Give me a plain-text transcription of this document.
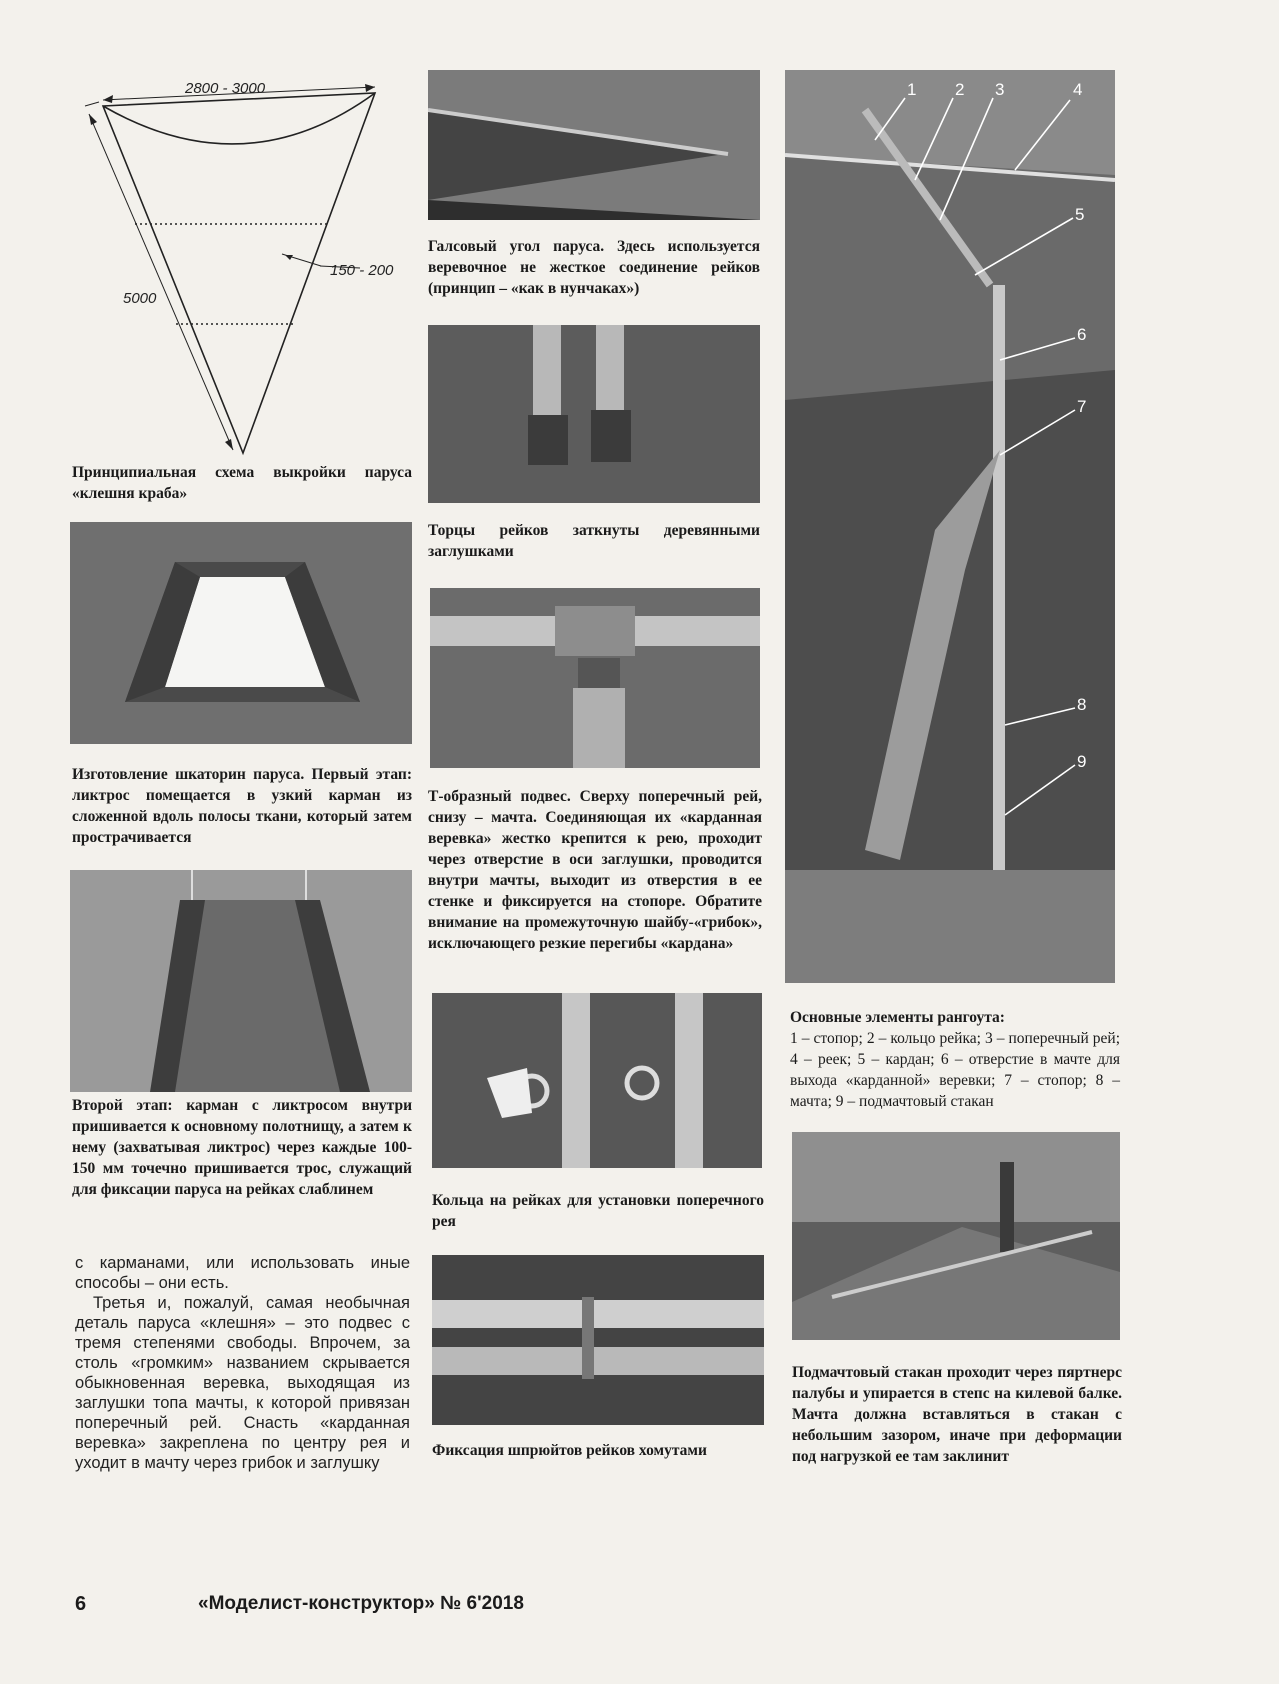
2800 - 3000
5000
150 - 200
Принципиальная схема выкройки паруса «клешня краба»
Изготовление шкаторин паруса. Первый этап: ликтрос помещается в узкий карман из сложенной вдоль полосы ткани, который затем прострачивается
Второй этап: карман с ликтросом внутри пришивается к основному полотнищу, а затем к нему (захватывая ликтрос) через каждые 100-150 мм точечно пришивается трос, служащий для фиксации паруса на рейках слаблинем

с карманами, или использовать иные способы – они есть.

Третья и, пожалуй, самая необычная деталь паруса «клешня» – это подвес с тремя степенями свободы. Впрочем, за столь «громким» названием скрывается обыкновенная веревка, выходящая из заглушки топа мачты, к которой привязан поперечный рей. Снасть «карданная веревка» закреплена по центру рея и уходит в мачту через грибок и заглушку

Галсовый угол паруса. Здесь используется веревочное не жесткое соединение рейков (принцип – «как в нунчаках»)
Торцы рейков заткнуты деревянными заглушками
Т-образный подвес. Сверху поперечный рей, снизу – мачта. Соединяющая их «карданная веревка» жестко крепится к рею, проходит через отверстие в оси заглушки, проводится внутри мачты, выходит из отверстия в ее стенке и фиксируется на стопоре. Обратите внимание на промежуточную шайбу-«грибок», исключающего резкие перегибы «кардана»
Кольца на рейках для установки поперечного рея
Фиксация шпрюйтов рейков хомутами
1 2 3	4
5
6
7
8
9
Основные элементы рангоута:
1 – стопор; 2 – кольцо рейка; 3 – поперечный рей; 4 – реек; 5 – кардан; 6 – отверстие в мачте для выхода «карданной» веревки; 7 – стопор; 8 – мачта; 9 – подмачтовый стакан
Подмачтовый стакан проходит через пяртнерс палубы и упирается в степс на килевой балке. Мачта должна вставляться в стакан с небольшим зазором, иначе при деформации под нагрузкой ее там заклинит
6	«Моделист-конструктор» № 6'2018
